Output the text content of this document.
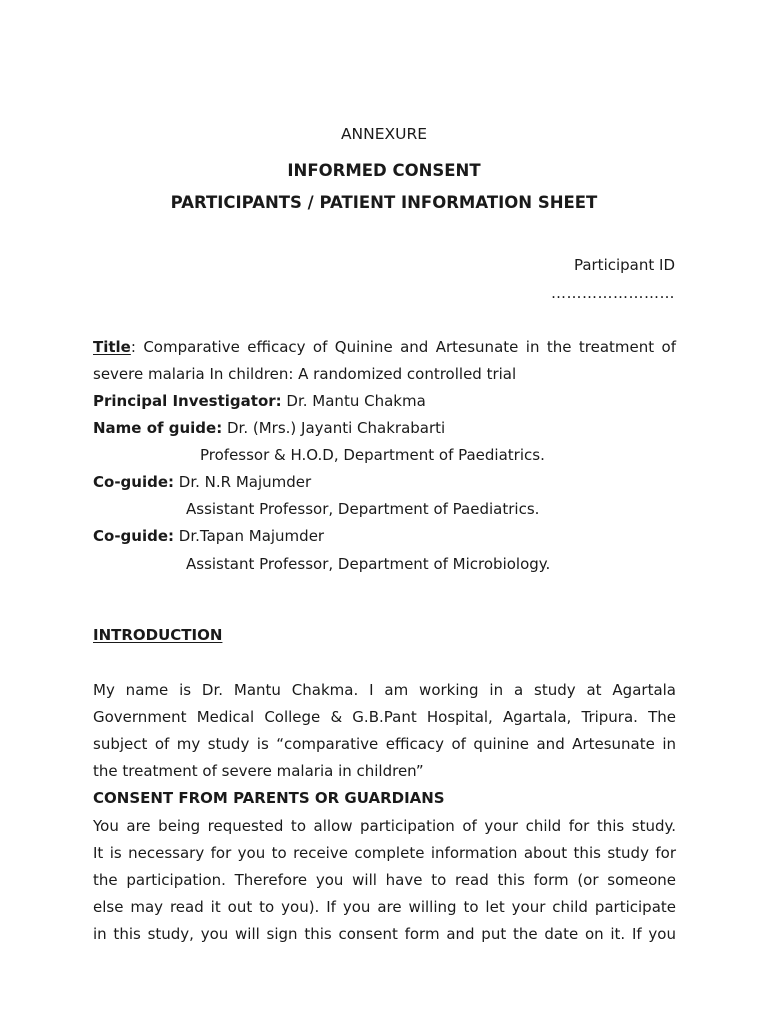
ANNEXURE
INFORMED CONSENT
PARTICIPANTS / PATIENT INFORMATION SHEET
Participant ID
……………………
Title: Comparative efficacy of Quinine and Artesunate in the treatment of
severe malaria In children: A randomized controlled trial
Principal Investigator: Dr. Mantu Chakma
Name of guide: Dr. (Mrs.) Jayanti Chakrabarti
Professor & H.O.D, Department of Paediatrics.
Co-guide: Dr. N.R Majumder
Assistant Professor, Department of Paediatrics.
Co-guide: Dr.Tapan Majumder
Assistant Professor, Department of Microbiology.
INTRODUCTION
My name is Dr. Mantu Chakma. I am working in a study at Agartala
Government Medical College & G.B.Pant Hospital, Agartala, Tripura. The
subject of my study is “comparative efficacy of quinine and Artesunate in
the treatment of severe malaria in children”
CONSENT FROM PARENTS OR GUARDIANS
You are being requested to allow participation of your child for this study.
It is necessary for you to receive complete information about this study for
the participation. Therefore you will have to read this form (or someone
else may read it out to you). If you are willing to let your child participate
in this study, you will sign this consent form and put the date on it. If you
